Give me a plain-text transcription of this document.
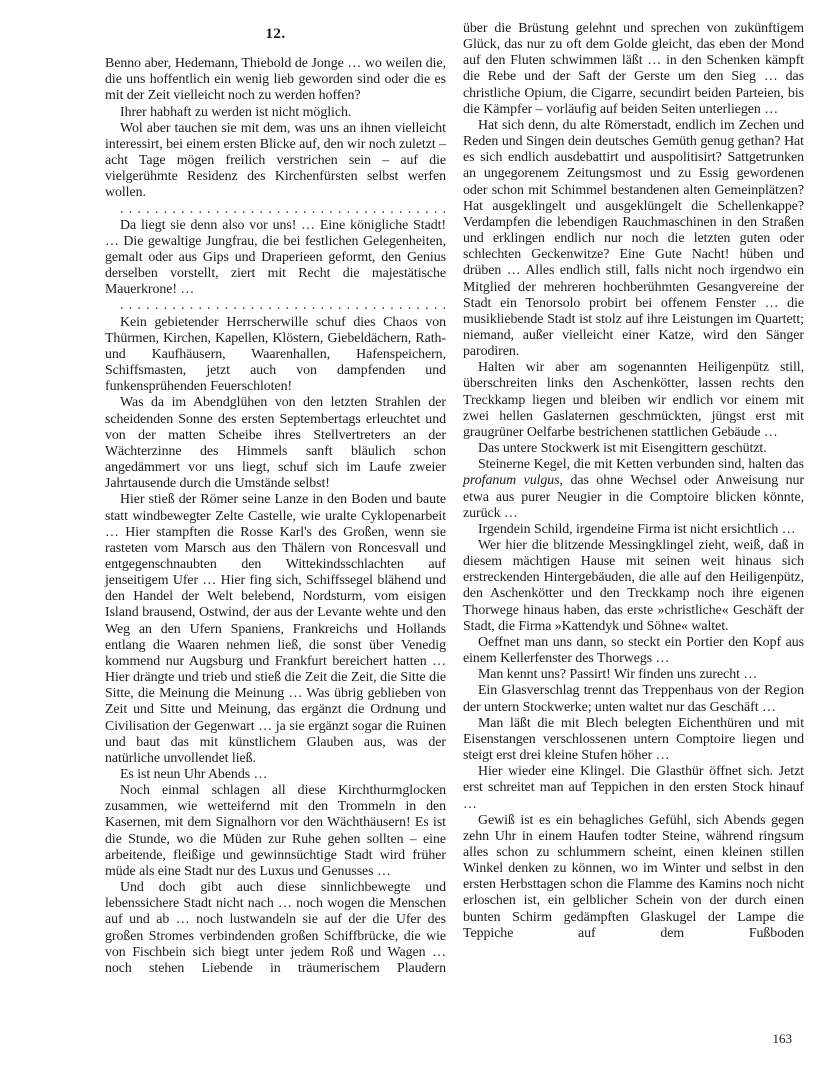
12.
Benno aber, Hedemann, Thiebold de Jonge … wo weilen die, die uns hoffentlich ein wenig lieb geworden sind oder die es mit der Zeit vielleicht noch zu werden hoffen?
Ihrer habhaft zu werden ist nicht möglich.
Wol aber tauchen sie mit dem, was uns an ihnen vielleicht interessirt, bei einem ersten Blicke auf, den wir noch zuletzt – acht Tage mögen freilich verstrichen sein – auf die vielgerühmte Residenz des Kirchenfürsten selbst werfen wollen.
. . . . . . . . . . . . . . . . . . . . . . . . . . . . . . . . . . . . . .
Da liegt sie denn also vor uns! … Eine königliche Stadt! … Die gewaltige Jungfrau, die bei festlichen Gelegenheiten, gemalt oder aus Gips und Draperieen geformt, den Genius derselben vorstellt, ziert mit Recht die majestätische Mauerkrone! …
. . . . . . . . . . . . . . . . . . . . . . . . . . . . . . . . . . . . . .
Kein gebietender Herrscherwille schuf dies Chaos von Thürmen, Kirchen, Kapellen, Klöstern, Giebeldächern, Rath- und Kaufhäusern, Waarenhallen, Hafenspeichern, Schiffsmasten, jetzt auch von dampfenden und funkensprühenden Feuerschloten!
Was da im Abendglühen von den letzten Strahlen der scheidenden Sonne des ersten Septembertags erleuchtet und von der matten Scheibe ihres Stellvertreters an der Wächterzinne des Himmels sanft bläulich schon angedämmert vor uns liegt, schuf sich im Laufe zweier Jahrtausende durch die Umstände selbst!
Hier stieß der Römer seine Lanze in den Boden und baute statt windbewegter Zelte Castelle, wie uralte Cyklopenarbeit … Hier stampften die Rosse Karl's des Großen, wenn sie rasteten vom Marsch aus den Thälern von Roncesvall und entgegenschnaubten den Wittekindsschlachten auf jenseitigem Ufer … Hier fing sich, Schiffssegel blähend und den Handel der Welt belebend, Nordsturm, vom eisigen Island brausend, Ostwind, der aus der Levante wehte und den Weg an den Ufern Spaniens, Frankreichs und Hollands entlang die Waaren nehmen ließ, die sonst über Venedig kommend nur Augsburg und Frankfurt bereichert hatten … Hier drängte und trieb und stieß die Zeit die Zeit, die Sitte die Sitte, die Meinung die Meinung … Was übrig geblieben von Zeit und Sitte und Meinung, das ergänzt die Ordnung und Civilisation der Gegenwart … ja sie ergänzt sogar die Ruinen und baut das mit künstlichem Glauben aus, was der natürliche unvollendet ließ.
Es ist neun Uhr Abends …
Noch einmal schlagen all diese Kirchthurmglocken zusammen, wie wetteifernd mit den Trommeln in den Kasernen, mit dem Signalhorn vor den Wächthäusern! Es ist die Stunde, wo die Müden zur Ruhe gehen sollten – eine arbeitende, fleißige und gewinnsüchtige Stadt wird früher müde als eine Stadt nur des Luxus und Genusses …
Und doch gibt auch diese sinnlichbewegte und lebenssichere Stadt nicht nach … noch wogen die Menschen auf und ab … noch lustwandeln sie auf der die Ufer des großen Stromes verbindenden großen Schiffbrücke, die wie von Fischbein sich biegt unter jedem Roß und Wagen … noch stehen Liebende in träumerischem Plaudern
über die Brüstung gelehnt und sprechen von zukünftigem Glück, das nur zu oft dem Golde gleicht, das eben der Mond auf den Fluten schwimmen läßt … in den Schenken kämpft die Rebe und der Saft der Gerste um den Sieg … das christliche Opium, die Cigarre, secundirt beiden Parteien, bis die Kämpfer – vorläufig auf beiden Seiten unterliegen …
Hat sich denn, du alte Römerstadt, endlich im Zechen und Reden und Singen dein deutsches Gemüth genug gethan? Hat es sich endlich ausdebattirt und auspolitisirt? Sattgetrunken an ungegorenem Zeitungsmost und zu Essig gewordenen oder schon mit Schimmel bestandenen alten Gemeinplätzen? Hat ausgeklingelt und ausgeklüngelt die Schellenkappe? Verdampfen die lebendigen Rauchmaschinen in den Straßen und erklingen endlich nur noch die letzten guten oder schlechten Geckenwitze? Eine Gute Nacht! hüben und drüben … Alles endlich still, falls nicht noch irgendwo ein Mitglied der mehreren hochberühmten Gesangvereine der Stadt ein Tenorsolo probirt bei offenem Fenster … die musikliebende Stadt ist stolz auf ihre Leistungen im Quartett; niemand, außer vielleicht einer Katze, wird den Sänger parodiren.
Halten wir aber am sogenannten Heiligenpütz still, überschreiten links den Aschenkötter, lassen rechts den Treckkamp liegen und bleiben wir endlich vor einem mit zwei hellen Gaslaternen geschmückten, jüngst erst mit graugrüner Oelfarbe bestrichenen stattlichen Gebäude …
Das untere Stockwerk ist mit Eisengittern geschützt.
Steinerne Kegel, die mit Ketten verbunden sind, halten das profanum vulgus, das ohne Wechsel oder Anweisung nur etwa aus purer Neugier in die Comptoire blicken könnte, zurück …
Irgendein Schild, irgendeine Firma ist nicht ersichtlich …
Wer hier die blitzende Messingklingel zieht, weiß, daß in diesem mächtigen Hause mit seinen weit hinaus sich erstreckenden Hintergebäuden, die alle auf den Heiligenpütz, den Aschenkötter und den Treckkamp noch ihre eigenen Thorwege hinaus haben, das erste »christliche« Geschäft der Stadt, die Firma »Kattendyk und Söhne« waltet.
Oeffnet man uns dann, so steckt ein Portier den Kopf aus einem Kellerfenster des Thorwegs …
Man kennt uns? Passirt! Wir finden uns zurecht …
Ein Glasverschlag trennt das Treppenhaus von der Region der untern Stockwerke; unten waltet nur das Geschäft …
Man läßt die mit Blech belegten Eichenthüren und mit Eisenstangen verschlossenen untern Comptoire liegen und steigt erst drei kleine Stufen höher …
Hier wieder eine Klingel. Die Glasthür öffnet sich. Jetzt erst schreitet man auf Teppichen in den ersten Stock hinauf …
Gewiß ist es ein behagliches Gefühl, sich Abends gegen zehn Uhr in einem Haufen todter Steine, während ringsum alles schon zu schlummern scheint, einen kleinen stillen Winkel denken zu können, wo im Winter und selbst in den ersten Herbsttagen schon die Flamme des Kamins noch nicht erloschen ist, ein gelblicher Schein von der durch einen bunten Schirm gedämpften Glaskugel der Lampe die Teppiche auf dem Fußboden
163
